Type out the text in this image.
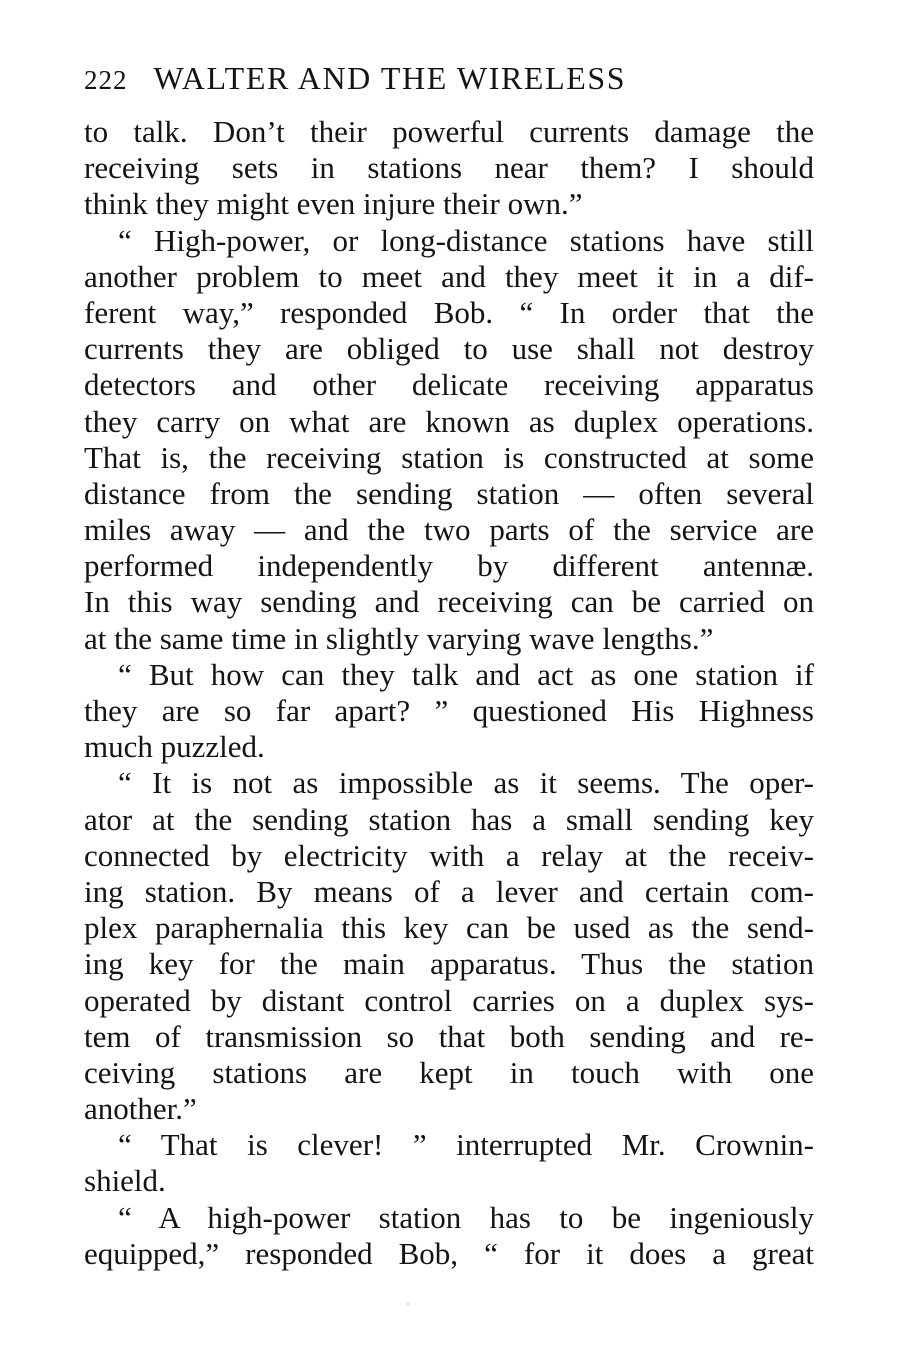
222 WALTER AND THE WIRELESS
to talk. Don’t their powerful currents damage the
receiving sets in stations near them? I should
think they might even injure their own.”
“ High-power, or long-distance stations have still
another problem to meet and they meet it in a dif-
ferent way,” responded Bob. “ In order that the
currents they are obliged to use shall not destroy
detectors and other delicate receiving apparatus
they carry on what are known as duplex operations.
That is, the receiving station is constructed at some
distance from the sending station — often several
miles away — and the two parts of the service are
performed independently by different antennæ.
In this way sending and receiving can be carried on
at the same time in slightly varying wave lengths.”
“ But how can they talk and act as one station if
they are so far apart? ” questioned His Highness
much puzzled.
“ It is not as impossible as it seems. The oper-
ator at the sending station has a small sending key
connected by electricity with a relay at the receiv-
ing station. By means of a lever and certain com-
plex paraphernalia this key can be used as the send-
ing key for the main apparatus. Thus the station
operated by distant control carries on a duplex sys-
tem of transmission so that both sending and re-
ceiving stations are kept in touch with one
another.”
“ That is clever! ” interrupted Mr. Crownin-
shield.
“ A high-power station has to be ingeniously
equipped,” responded Bob, “ for it does a great
